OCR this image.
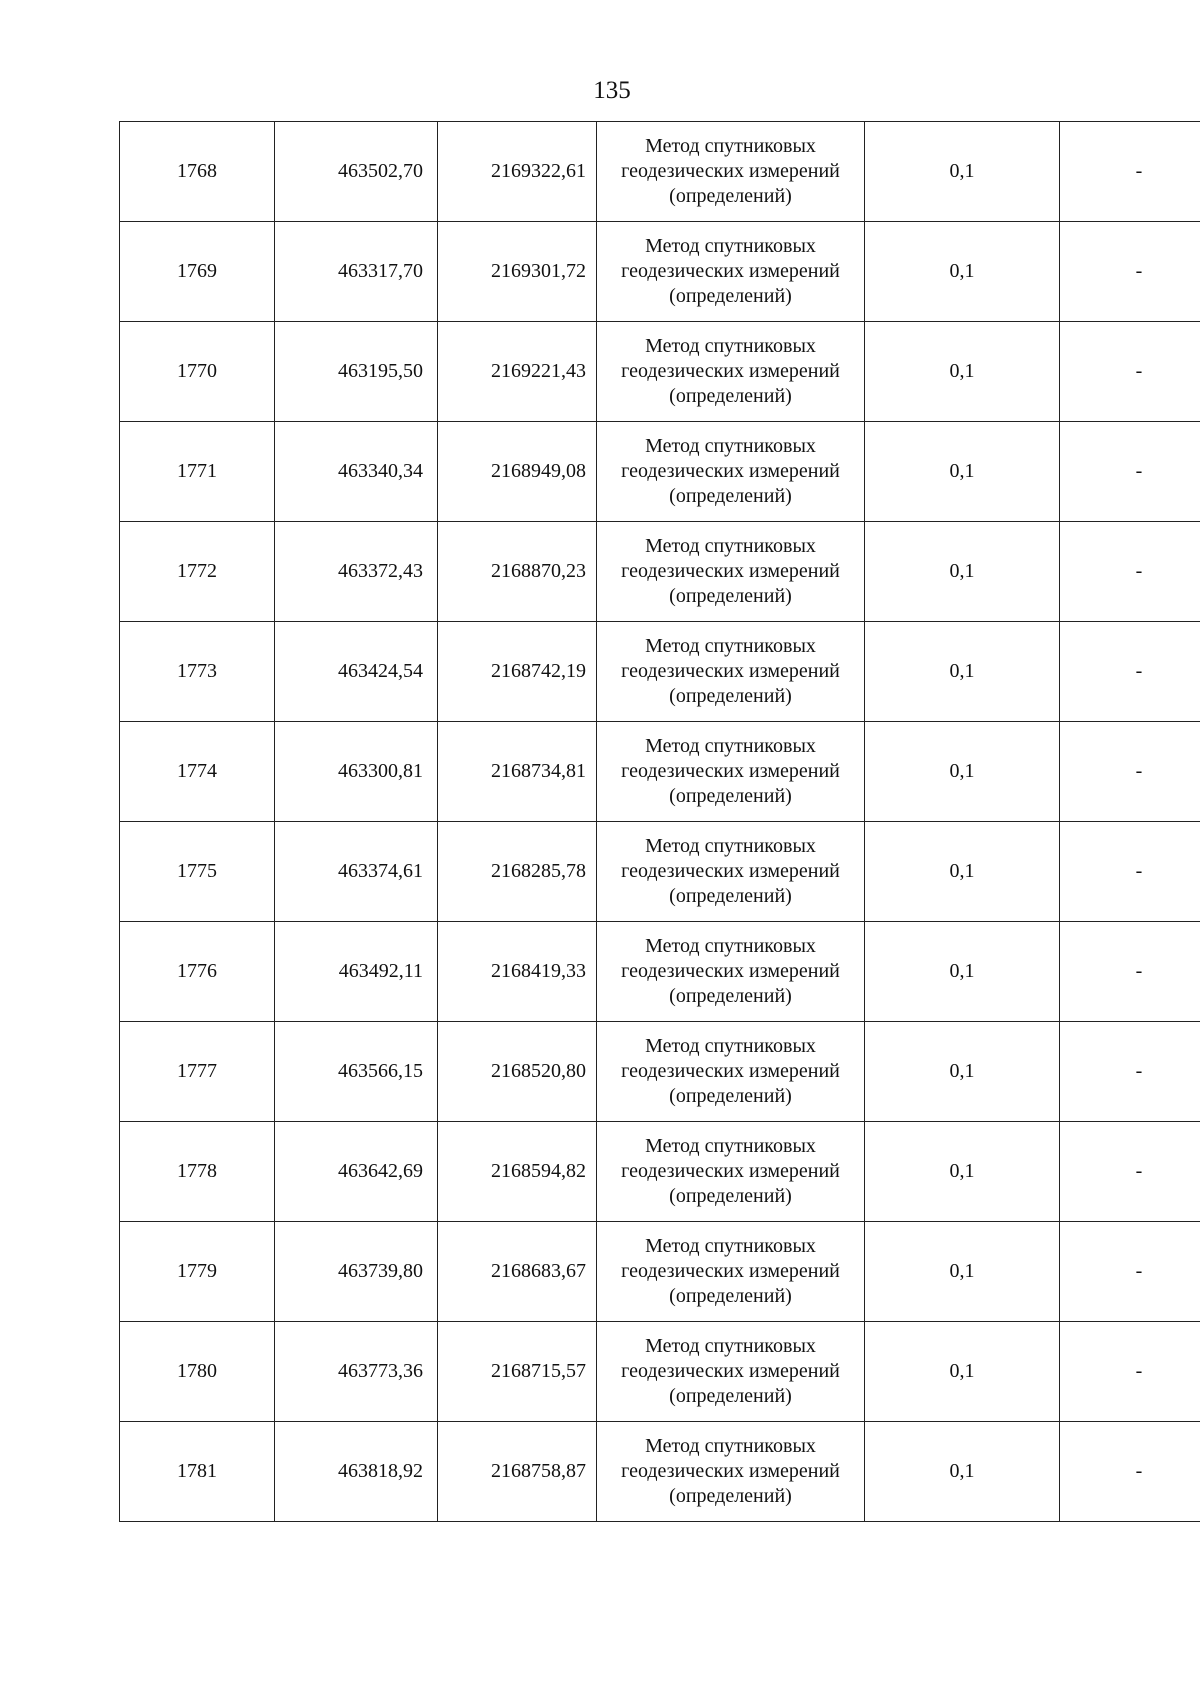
135
1768	463502,70	2169322,61	Метод спутниковых
геодезических измерений
(определений)	0,1	-
1769	463317,70	2169301,72	Метод спутниковых
геодезических измерений
(определений)	0,1	-
1770	463195,50	2169221,43	Метод спутниковых
геодезических измерений
(определений)	0,1	-
1771	463340,34	2168949,08	Метод спутниковых
геодезических измерений
(определений)	0,1	-
1772	463372,43	2168870,23	Метод спутниковых
геодезических измерений
(определений)	0,1	-
1773	463424,54	2168742,19	Метод спутниковых
геодезических измерений
(определений)	0,1	-
1774	463300,81	2168734,81	Метод спутниковых
геодезических измерений
(определений)	0,1	-
1775	463374,61	2168285,78	Метод спутниковых
геодезических измерений
(определений)	0,1	-
1776	463492,11	2168419,33	Метод спутниковых
геодезических измерений
(определений)	0,1	-
1777	463566,15	2168520,80	Метод спутниковых
геодезических измерений
(определений)	0,1	-
1778	463642,69	2168594,82	Метод спутниковых
геодезических измерений
(определений)	0,1	-
1779	463739,80	2168683,67	Метод спутниковых
геодезических измерений
(определений)	0,1	-
1780	463773,36	2168715,57	Метод спутниковых
геодезических измерений
(определений)	0,1	-
1781	463818,92	2168758,87	Метод спутниковых
геодезических измерений
(определений)	0,1	-
